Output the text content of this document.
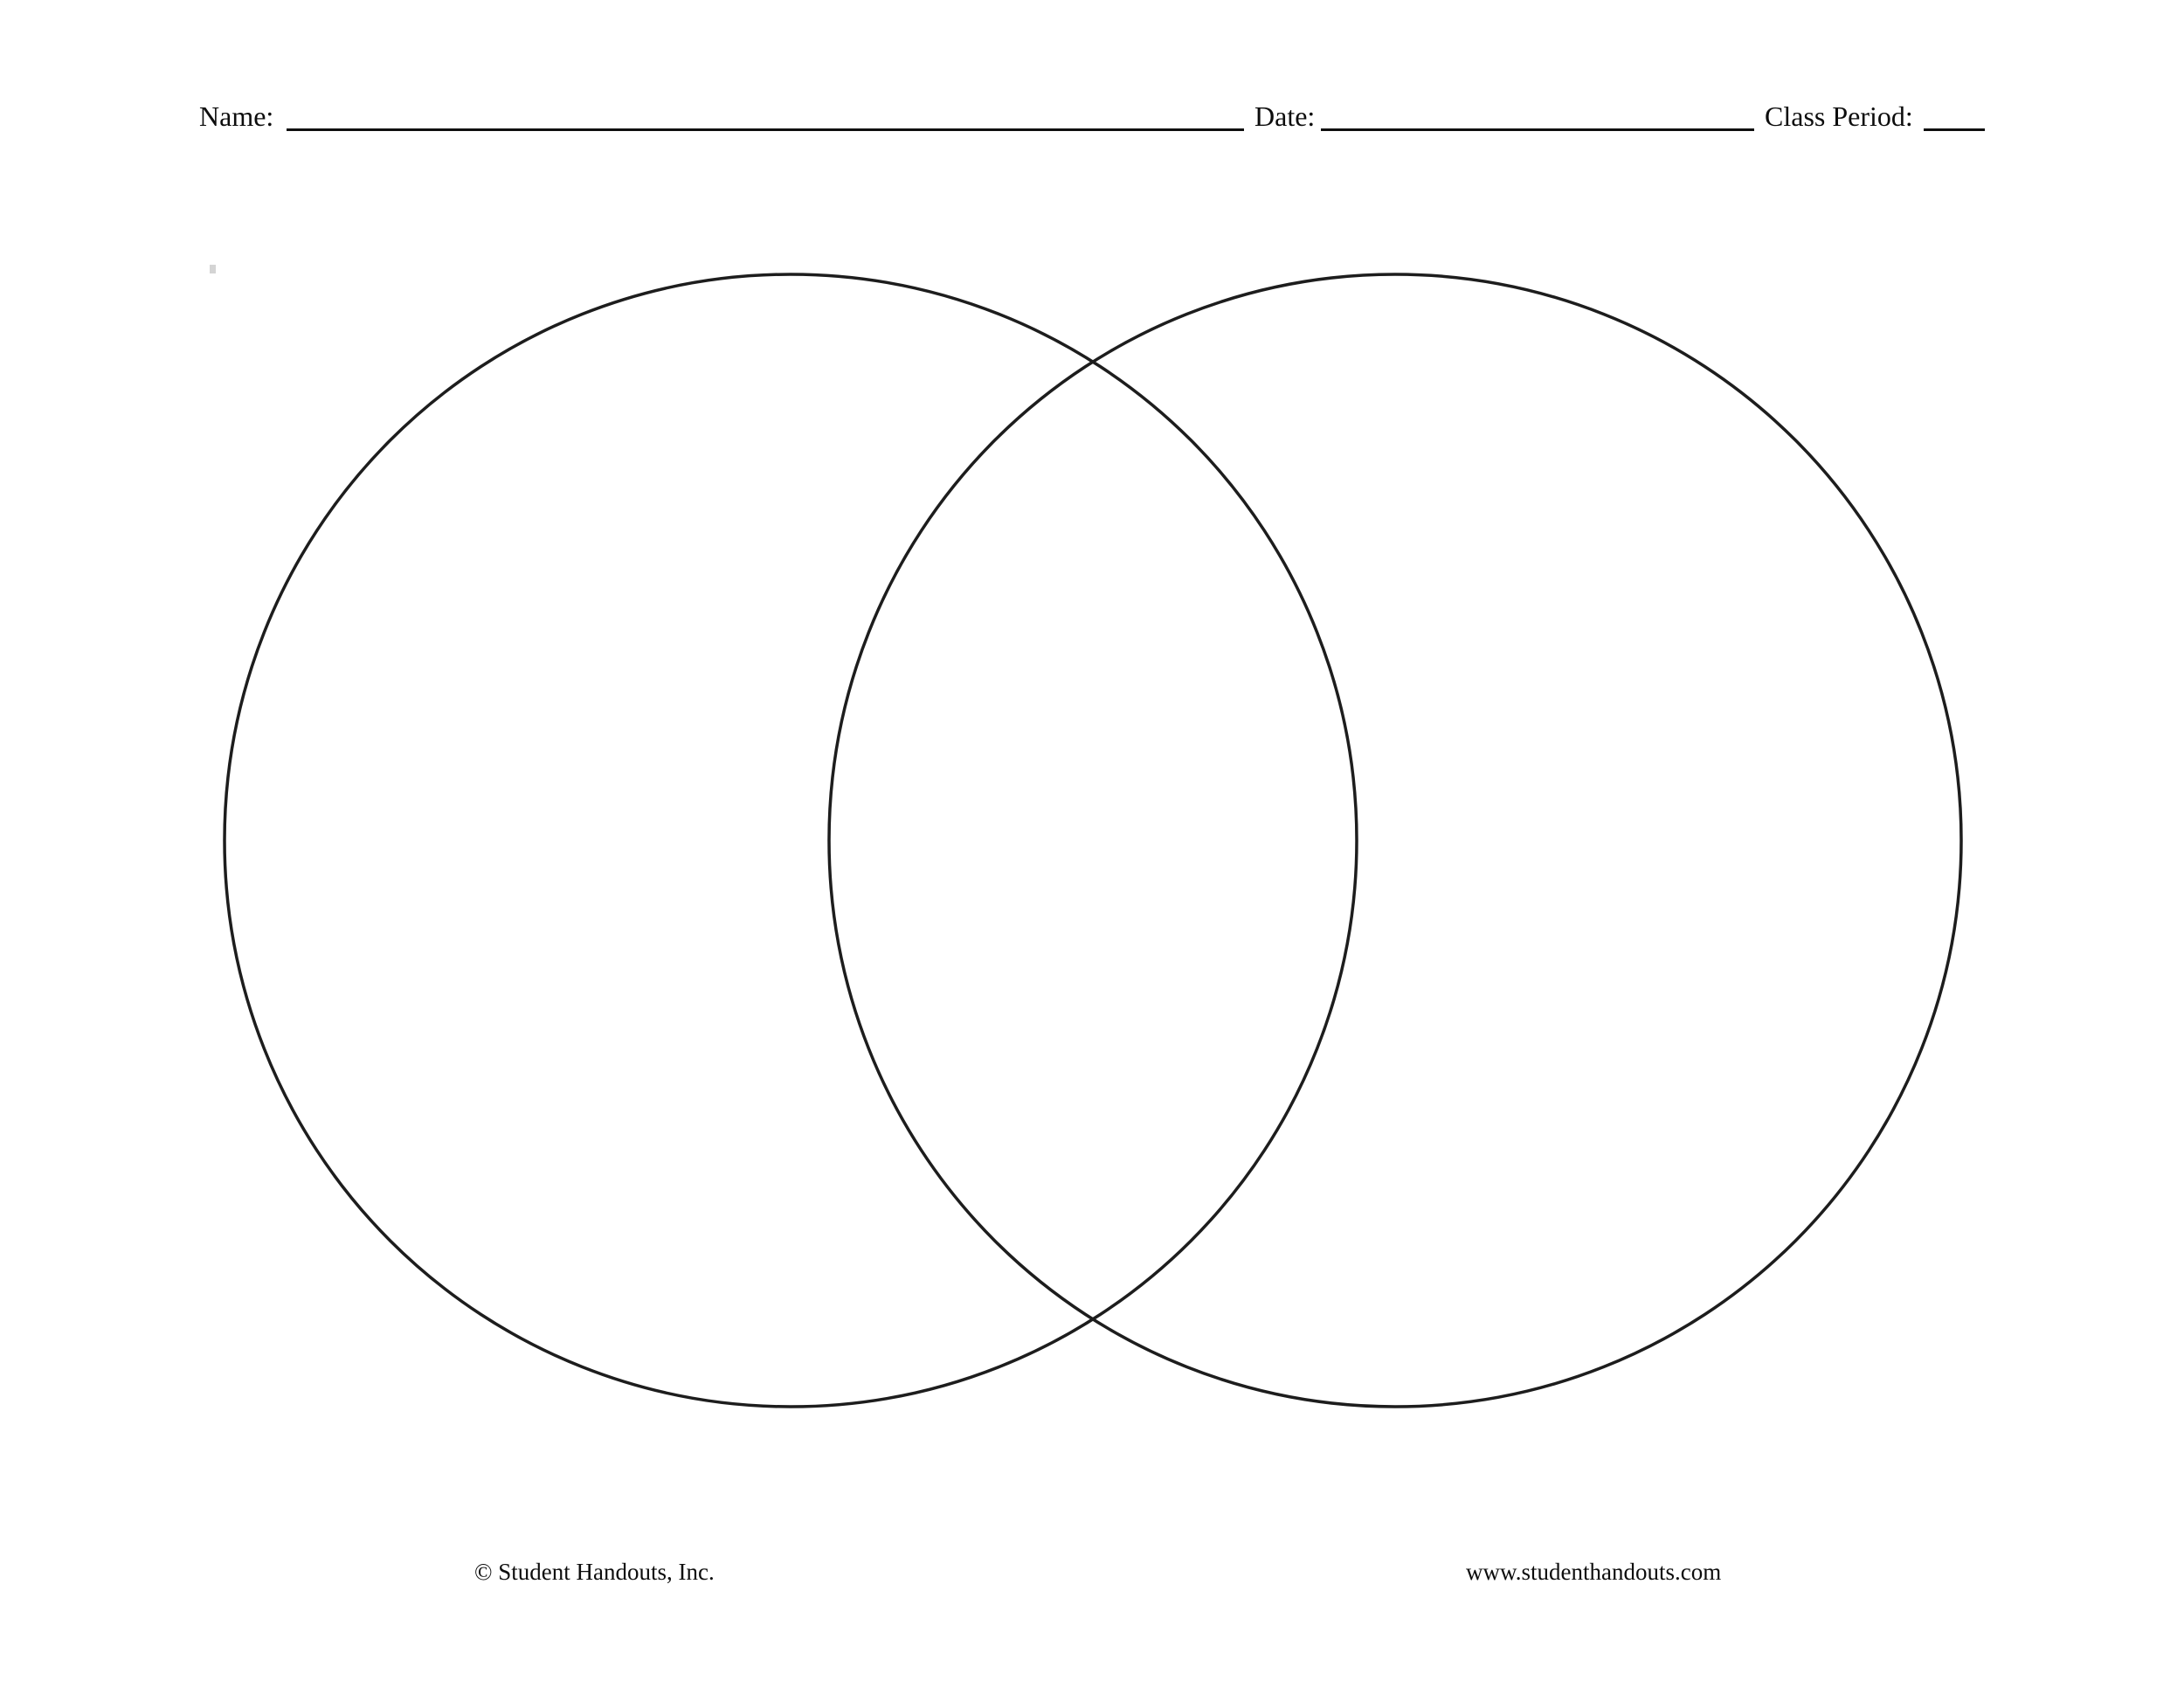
Name:	Date:	Class Period:
© Student Handouts, Inc.	www.studenthandouts.com
